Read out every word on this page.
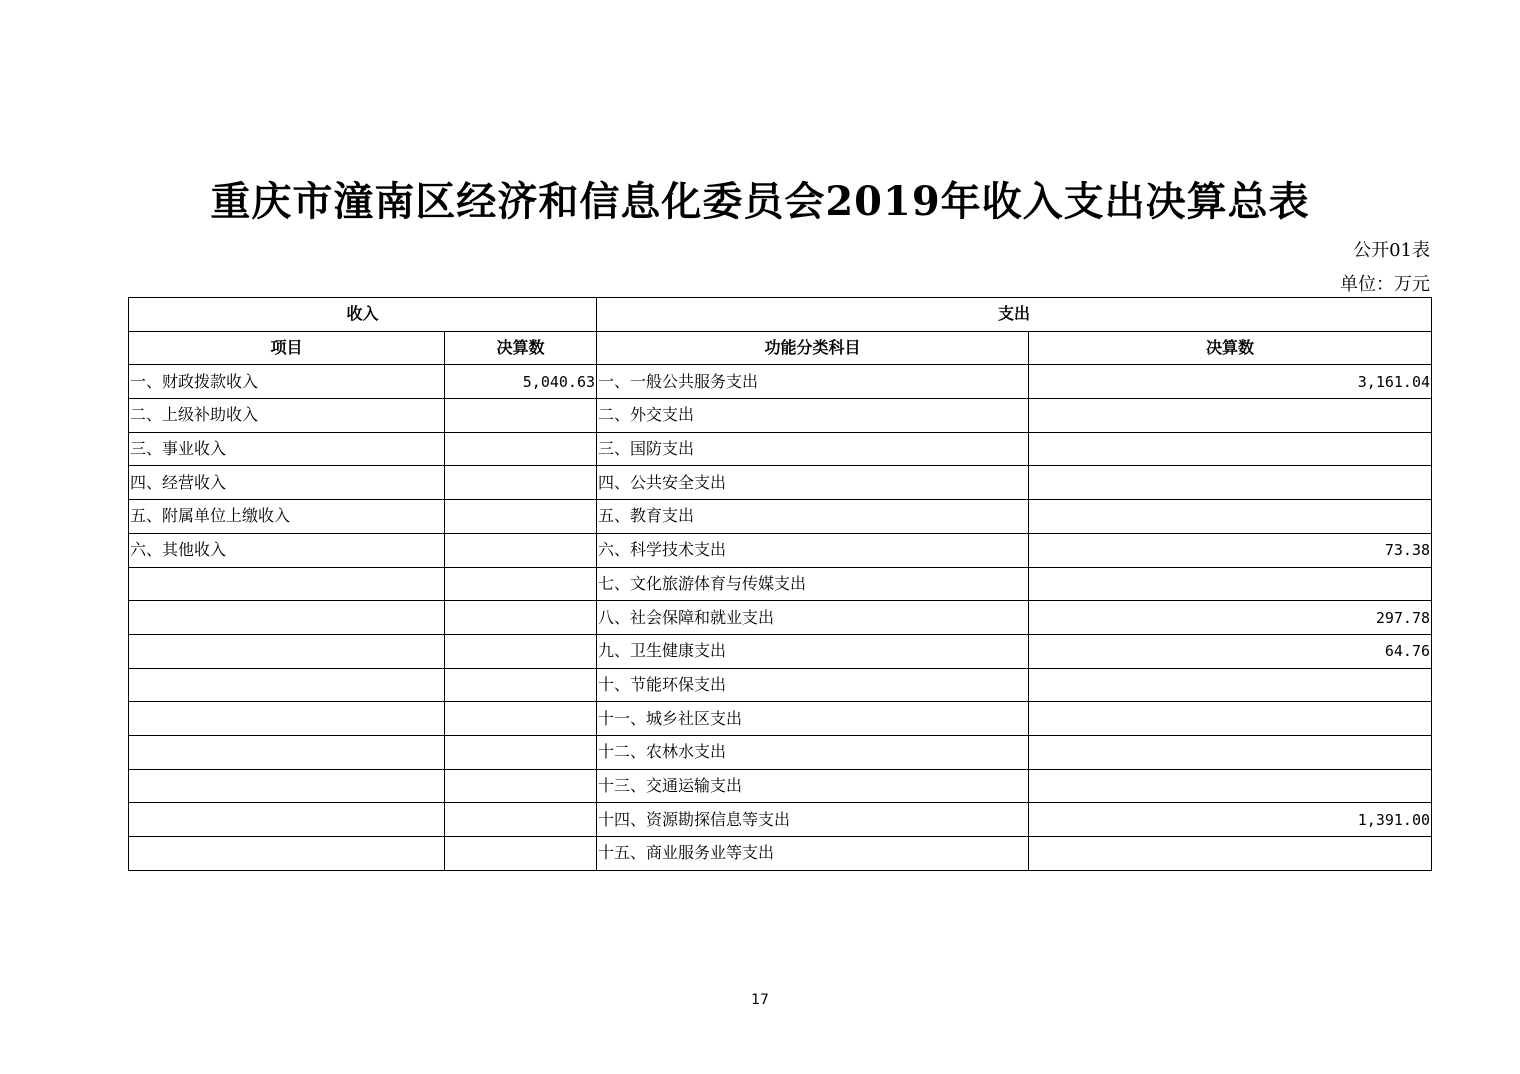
重庆市潼南区经济和信息化委员会2019年收入支出决算总表
公开01表
单位：万元
收入		支出	
项目	决算数	功能分类科目	决算数
一、财政拨款收入	5,040.63	一、一般公共服务支出	3,161.04
二、上级补助收入		二、外交支出	
三、事业收入		三、国防支出	
四、经营收入		四、公共安全支出	
五、附属单位上缴收入		五、教育支出	
六、其他收入		六、科学技术支出	73.38
		七、文化旅游体育与传媒支出	
		八、社会保障和就业支出	297.78
		九、卫生健康支出	64.76
		十、节能环保支出	
		十一、城乡社区支出	
		十二、农林水支出	
		十三、交通运输支出	
		十四、资源勘探信息等支出	1,391.00
		十五、商业服务业等支出	
17
